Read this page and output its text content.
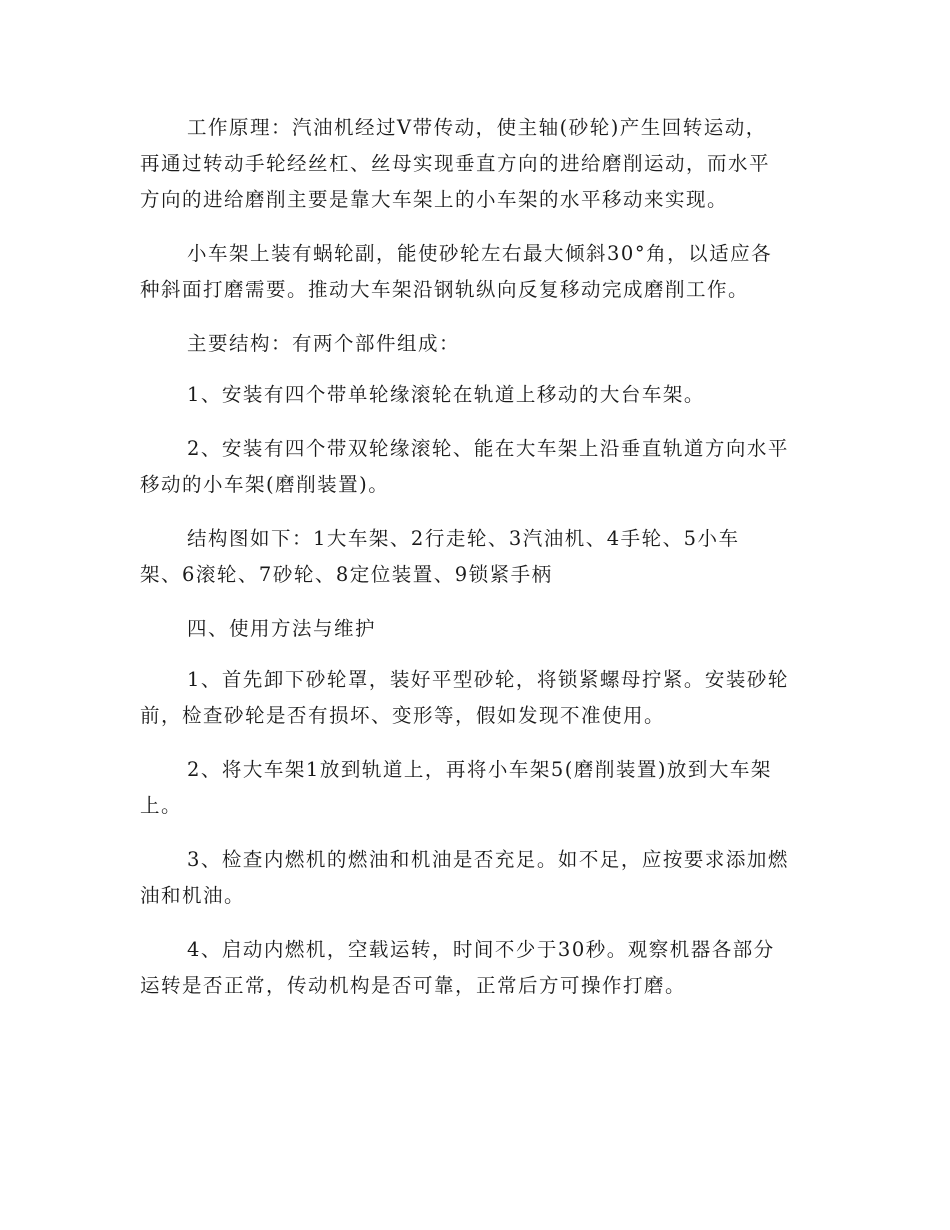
工作原理：汽油机经过Ⅴ带传动，使主轴(砂轮)产生回转运动，
再通过转动手轮经丝杠、丝母实现垂直方向的进给磨削运动，而水平
方向的进给磨削主要是靠大车架上的小车架的水平移动来实现。

小车架上装有蜗轮副，能使砂轮左右最大倾斜30°角，以适应各
种斜面打磨需要。推动大车架沿钢轨纵向反复移动完成磨削工作。

主要结构：有两个部件组成：

1、安装有四个带单轮缘滚轮在轨道上移动的大台车架。

2、安装有四个带双轮缘滚轮、能在大车架上沿垂直轨道方向水平
移动的小车架(磨削装置)。

结构图如下：1大车架、2行走轮、3汽油机、4手轮、5小车
架、6滚轮、7砂轮、8定位装置、9锁紧手柄

四、使用方法与维护

1、首先卸下砂轮罩，装好平型砂轮，将锁紧螺母拧紧。安装砂轮
前，检查砂轮是否有损坏、变形等，假如发现不准使用。

2、将大车架1放到轨道上，再将小车架5(磨削装置)放到大车架
上。

3、检查内燃机的燃油和机油是否充足。如不足，应按要求添加燃
油和机油。

4、启动内燃机，空载运转，时间不少于30秒。观察机器各部分
运转是否正常，传动机构是否可靠，正常后方可操作打磨。
